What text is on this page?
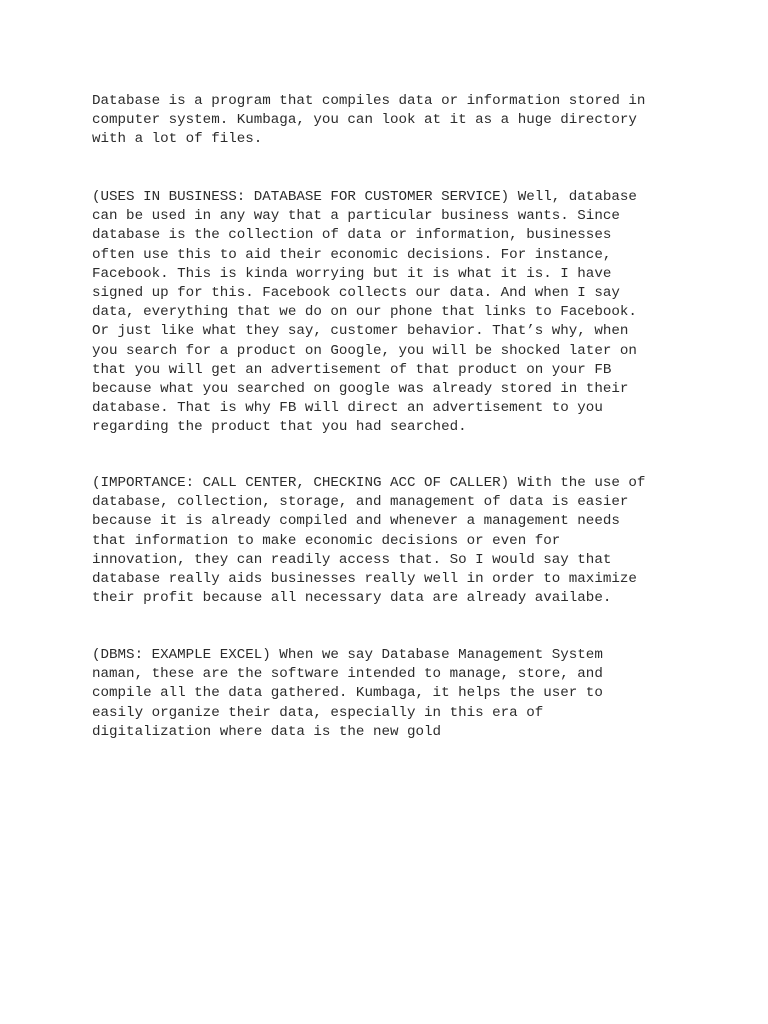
Database is a program that compiles data or information stored in
computer system. Kumbaga, you can look at it as a huge directory
with a lot of files.

(USES IN BUSINESS: DATABASE FOR CUSTOMER SERVICE) Well, database
can be used in any way that a particular business wants. Since
database is the collection of data or information, businesses
often use this to aid their economic decisions. For instance,
Facebook. This is kinda worrying but it is what it is. I have
signed up for this. Facebook collects our data. And when I say
data, everything that we do on our phone that links to Facebook.
Or just like what they say, customer behavior. That’s why, when
you search for a product on Google, you will be shocked later on
that you will get an advertisement of that product on your FB
because what you searched on google was already stored in their
database. That is why FB will direct an advertisement to you
regarding the product that you had searched.

(IMPORTANCE: CALL CENTER, CHECKING ACC OF CALLER) With the use of
database, collection, storage, and management of data is easier
because it is already compiled and whenever a management needs
that information to make economic decisions or even for
innovation, they can readily access that. So I would say that
database really aids businesses really well in order to maximize
their profit because all necessary data are already availabe.

(DBMS: EXAMPLE EXCEL) When we say Database Management System
naman, these are the software intended to manage, store, and
compile all the data gathered. Kumbaga, it helps the user to
easily organize their data, especially in this era of
digitalization where data is the new gold
